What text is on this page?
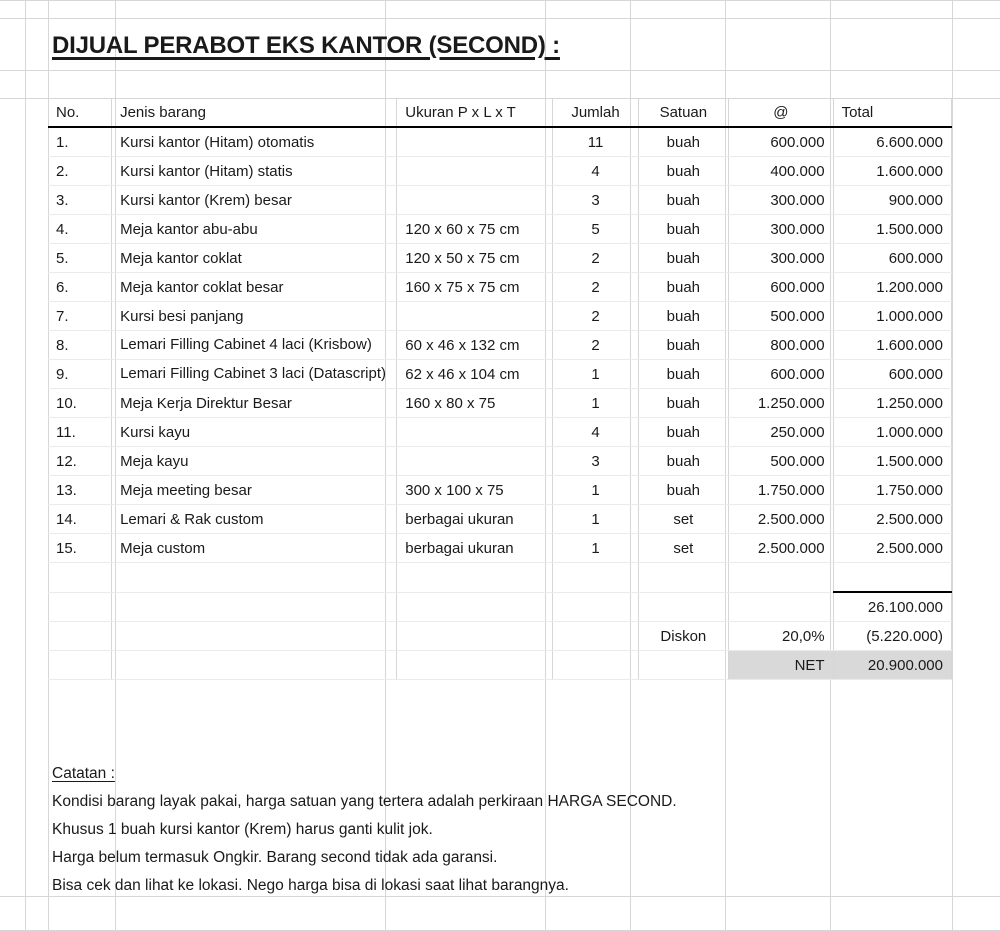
DIJUAL PERABOT EKS KANTOR (SECOND) :
No.	Jenis barang	Ukuran P x L x T	Jumlah	Satuan	@	Total
1.	Kursi kantor (Hitam) otomatis		11	buah	600.000	6.600.000
2.	Kursi kantor (Hitam) statis		4	buah	400.000	1.600.000
3.	Kursi kantor (Krem) besar		3	buah	300.000	900.000
4.	Meja kantor abu-abu	120 x 60 x 75 cm	5	buah	300.000	1.500.000
5.	Meja kantor coklat	120 x 50 x 75 cm	2	buah	300.000	600.000
6.	Meja kantor coklat besar	160 x 75 x 75 cm	2	buah	600.000	1.200.000
7.	Kursi besi panjang		2	buah	500.000	1.000.000
8.	Lemari Filling Cabinet 4 laci (Krisbow)	60 x 46 x 132 cm	2	buah	800.000	1.600.000
9.	Lemari Filling Cabinet 3 laci (Datascript)	62 x 46 x 104 cm	1	buah	600.000	600.000
10.	Meja Kerja Direktur Besar	160 x 80 x 75	1	buah	1.250.000	1.250.000
11.	Kursi kayu		4	buah	250.000	1.000.000
12.	Meja kayu		3	buah	500.000	1.500.000
13.	Meja meeting besar	300 x 100 x 75	1	buah	1.750.000	1.750.000
14.	Lemari & Rak custom	berbagai ukuran	1	set	2.500.000	2.500.000
15.	Meja custom	berbagai ukuran	1	set	2.500.000	2.500.000

						26.100.000
				Diskon	20,0%	(5.220.000)
					NET	20.900.000
Catatan :
Kondisi barang layak pakai, harga satuan yang tertera adalah perkiraan HARGA SECOND.
Khusus 1 buah kursi kantor (Krem) harus ganti kulit jok.
Harga belum termasuk Ongkir. Barang second tidak ada garansi.
Bisa cek dan lihat ke lokasi. Nego harga bisa di lokasi saat lihat barangnya.
